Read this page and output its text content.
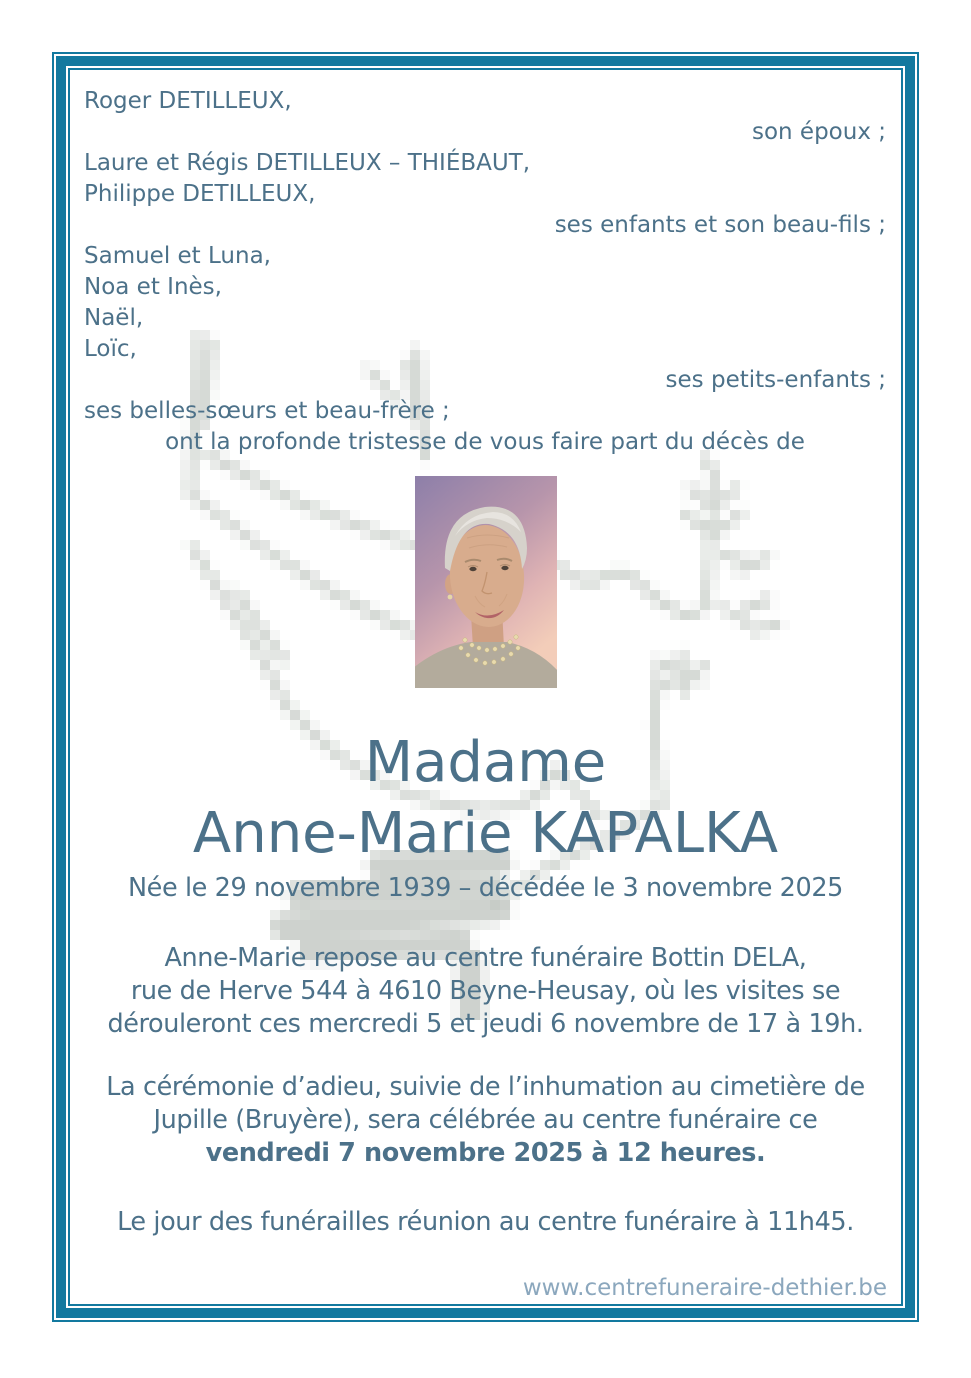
Roger DETILLEUX,
son époux ;
Laure et Régis DETILLEUX – THIÉBAUT,
Philippe DETILLEUX,
ses enfants et son beau-fils ;
Samuel et Luna,
Noa et Inès,
Naël,
Loïc,
ses petits-enfants ;
ses belles-sœurs et beau-frère ;
ont la profonde tristesse de vous faire part du décès de
Madame
Anne-Marie KAPALKA
Née le 29 novembre 1939 – décédée le 3 novembre 2025
Anne-Marie repose au centre funéraire Bottin DELA,
rue de Herve 544 à 4610 Beyne-Heusay, où les visites se
dérouleront ces mercredi 5 et jeudi 6 novembre de 17 à 19h.
La cérémonie d’adieu, suivie de l’inhumation au cimetière de
Jupille (Bruyère), sera célébrée au centre funéraire ce
vendredi 7 novembre 2025 à 12 heures.
Le jour des funérailles réunion au centre funéraire à 11h45.
www.centrefuneraire-dethier.be
